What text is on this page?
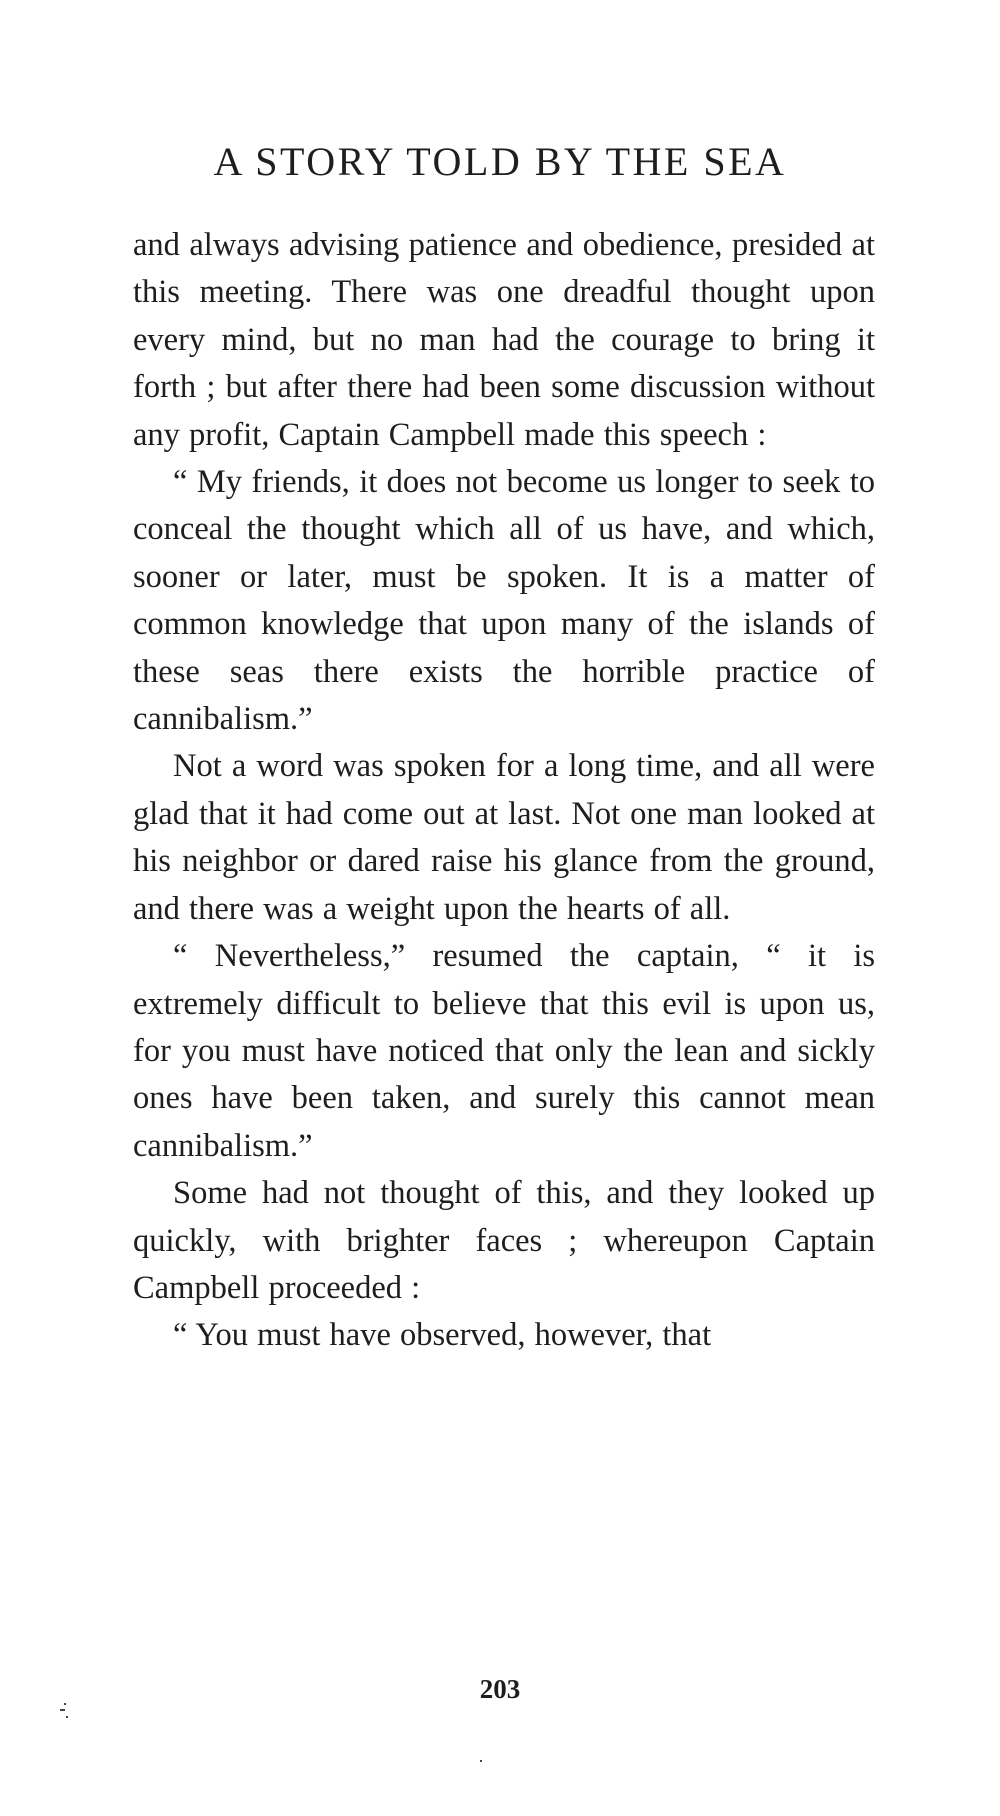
A STORY TOLD BY THE SEA

and always advising patience and obedience, presided at this meeting. There was one dreadful thought upon every mind, but no man had the courage to bring it forth ; but after there had been some discussion without any profit, Captain Campbell made this speech :

“ My friends, it does not become us longer to seek to conceal the thought which all of us have, and which, sooner or later, must be spoken. It is a matter of common knowledge that upon many of the islands of these seas there exists the horrible practice of cannibalism.”

Not a word was spoken for a long time, and all were glad that it had come out at last. Not one man looked at his neighbor or dared raise his glance from the ground, and there was a weight upon the hearts of all.

“ Nevertheless,” resumed the captain, “ it is extremely difficult to believe that this evil is upon us, for you must have noticed that only the lean and sickly ones have been taken, and surely this cannot mean cannibalism.”

Some had not thought of this, and they looked up quickly, with brighter faces ; whereupon Captain Campbell proceeded :

“ You must have observed, however, that

203
